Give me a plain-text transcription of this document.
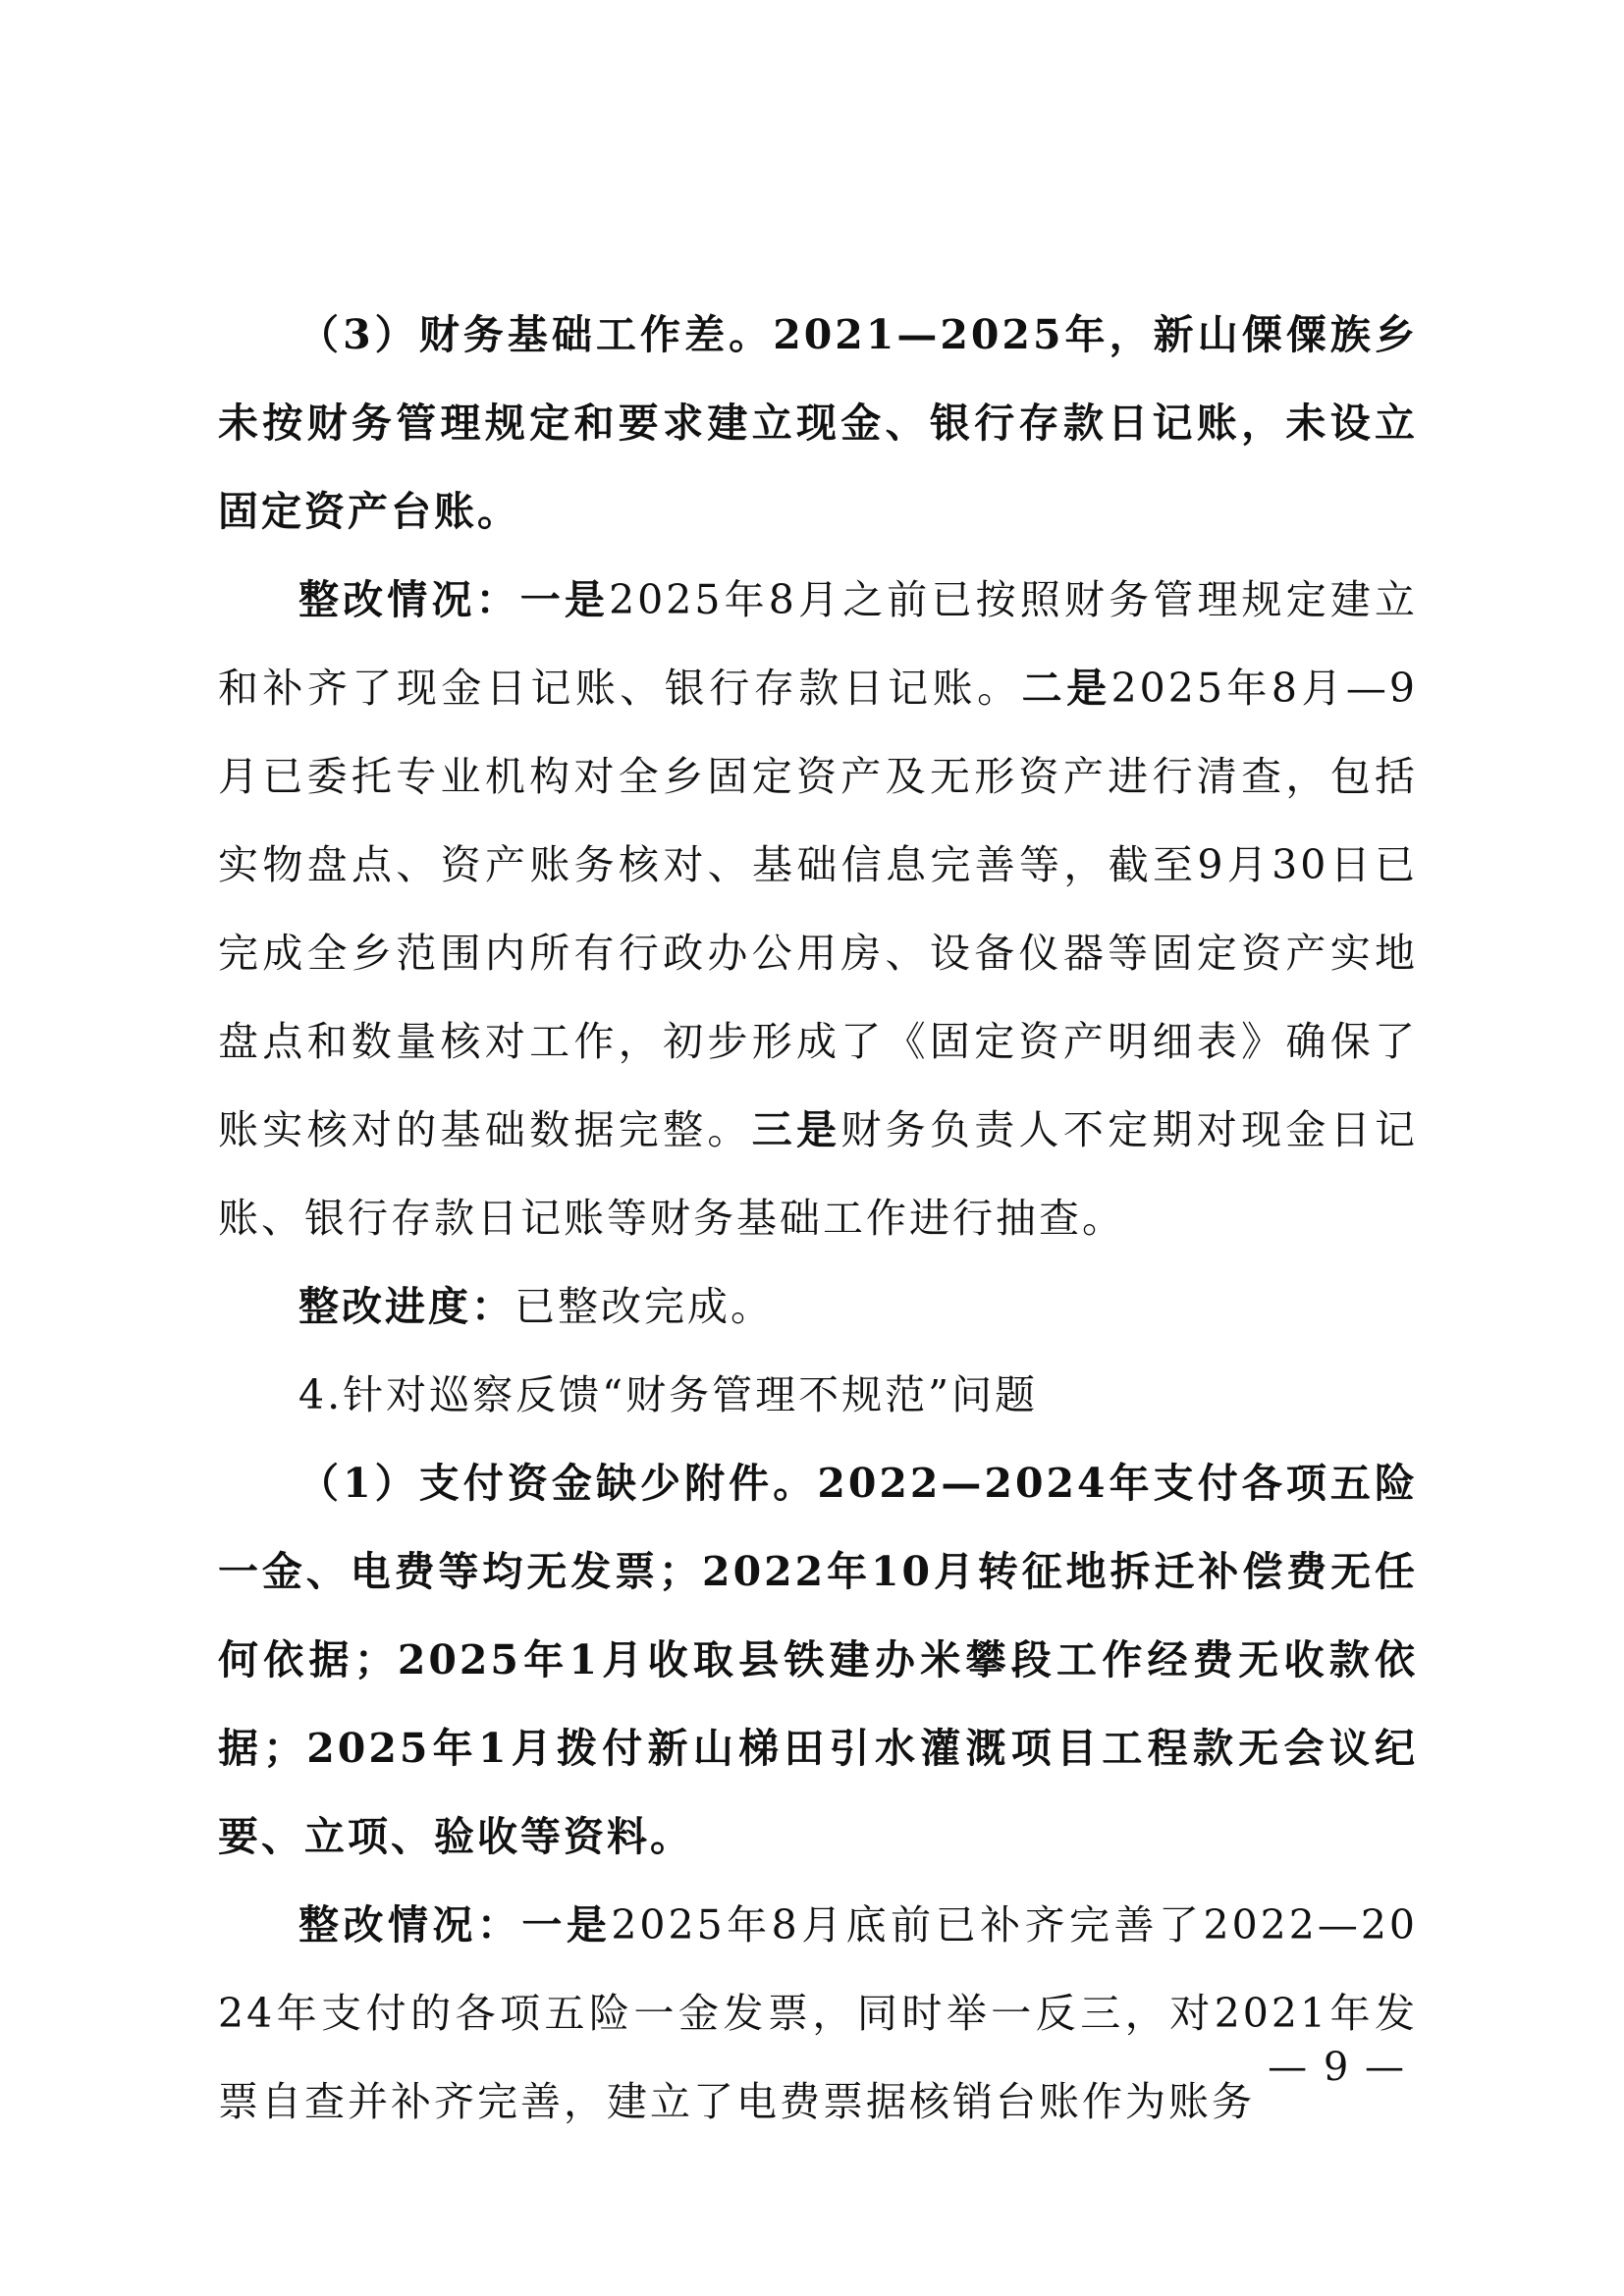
（3）财务基础工作差。2021—2025年，新山傈僳族乡未按财务管理规定和要求建立现金、银行存款日记账，未设立固定资产台账。

整改情况：一是2025年8月之前已按照财务管理规定建立和补齐了现金日记账、银行存款日记账。二是2025年8月—9月已委托专业机构对全乡固定资产及无形资产进行清查，包括实物盘点、资产账务核对、基础信息完善等，截至9月30日已完成全乡范围内所有行政办公用房、设备仪器等固定资产实地盘点和数量核对工作，初步形成了《固定资产明细表》确保了账实核对的基础数据完整。三是财务负责人不定期对现金日记账、银行存款日记账等财务基础工作进行抽查。

整改进度：已整改完成。

4.针对巡察反馈“财务管理不规范”问题

（1）支付资金缺少附件。2022—2024年支付各项五险一金、电费等均无发票；2022年10月转征地拆迁补偿费无任何依据；2025年1月收取县铁建办米攀段工作经费无收款依据；2025年1月拨付新山梯田引水灌溉项目工程款无会议纪要、立项、验收等资料。

整改情况：一是2025年8月底前已补齐完善了2022—2024年支付的各项五险一金发票，同时举一反三，对2021年发票自查并补齐完善，建立了电费票据核销台账作为账务

— 9 —
